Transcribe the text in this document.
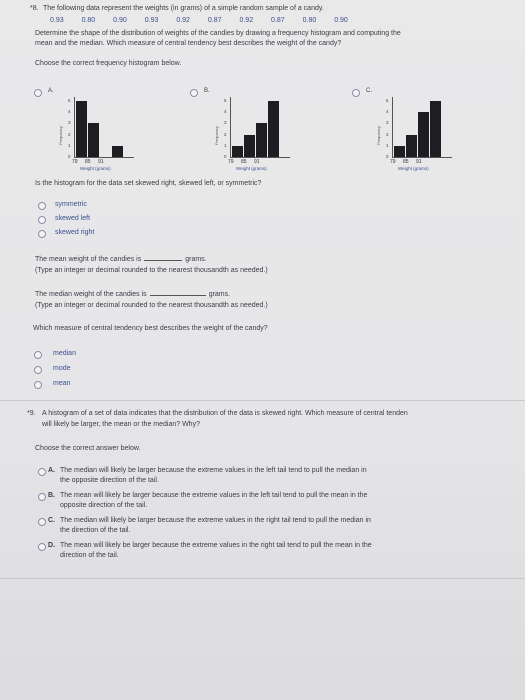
*8. The following data represent the weights (in grams) of a simple random sample of a candy.
0.93	0.80	0.90	0.93	0.92	0.87	0.92	0.87	0.80	0.90
Determine the shape of the distribution of weights of the candies by drawing a frequency histogram and computing the
mean and the median. Which measure of central tendency best describes the weight of the candy?
Choose the correct frequency histogram below.
A.
5
4
3
2
1
0
Frequency
79 85 91
Weight (grams)
B.
5
4
3
2
1
0
Frequency
79 85 91
Weight (grams)
C.
5
4
3
2
1
0
Frequency
79 85 91
Weight (grams)
Is the histogram for the data set skewed right, skewed left, or symmetric?
symmetric
skewed left
skewed right
The mean weight of the candies is	grams.
(Type an integer or decimal rounded to the nearest thousandth as needed.)
The median weight of the candies is	grams.
(Type an integer or decimal rounded to the nearest thousandth as needed.)
Which measure of central tendency best describes the weight of the candy?
median
mode
mean
*9. A histogram of a set of data indicates that the distribution of the data is skewed right. Which measure of central tenden
will likely be larger, the mean or the median? Why?
Choose the correct answer below.
A. The median will likely be larger because the extreme values in the left tail tend to pull the median in
the opposite direction of the tail.
B. The mean will likely be larger because the extreme values in the left tail tend to pull the mean in the
opposite direction of the tail.
C. The median will likely be larger because the extreme values in the right tail tend to pull the median in
the direction of the tail.
D. The mean will likely be larger because the extreme values in the right tail tend to pull the mean in the
direction of the tail.
